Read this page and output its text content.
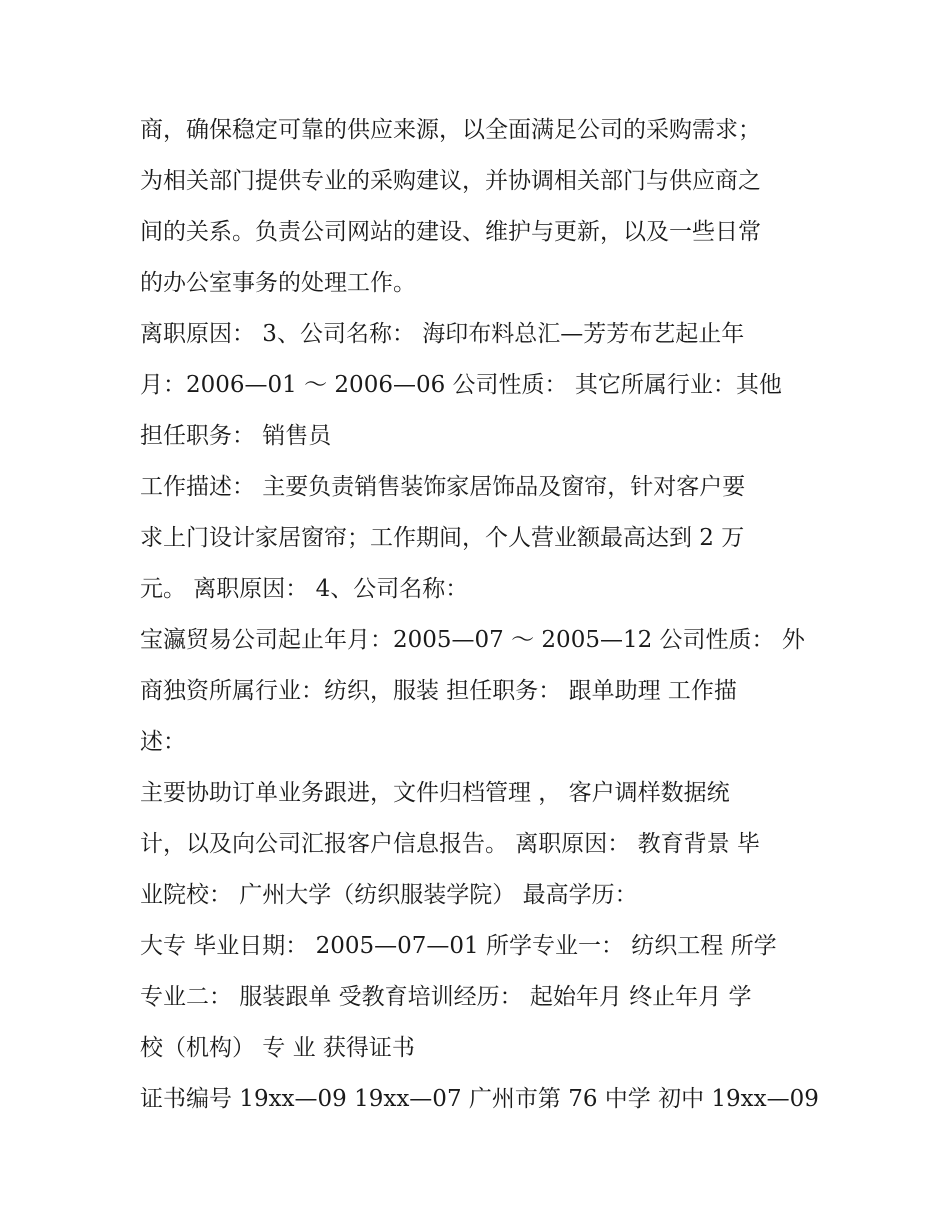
商，确保稳定可靠的供应来源，以全面满足公司的采购需求；
为相关部门提供专业的采购建议，并协调相关部门与供应商之
间的关系。负责公司网站的建设、维护与更新，以及一些日常
的办公室事务的处理工作。
离职原因： 3、公司名称： 海印布料总汇—芳芳布艺起止年
月：2006—01 ～ 2006—06 公司性质： 其它所属行业：其他
担任职务： 销售员
工作描述： 主要负责销售装饰家居饰品及窗帘，针对客户要
求上门设计家居窗帘；工作期间，个人营业额最高达到 2 万
元。 离职原因： 4、公司名称：
宝瀛贸易公司起止年月：2005—07 ～ 2005—12 公司性质： 外
商独资所属行业：纺织，服装 担任职务： 跟单助理 工作描
述：
主要协助订单业务跟进，文件归档管理 ， 客户调样数据统
计，以及向公司汇报客户信息报告。 离职原因： 教育背景 毕
业院校： 广州大学（纺织服装学院） 最高学历：
大专 毕业日期： 2005—07—01 所学专业一： 纺织工程 所学
专业二： 服装跟单 受教育培训经历： 起始年月 终止年月 学
校（机构） 专 业 获得证书
证书编号 19xx—09 19xx—07 广州市第 76 中学 初中 19xx—09
